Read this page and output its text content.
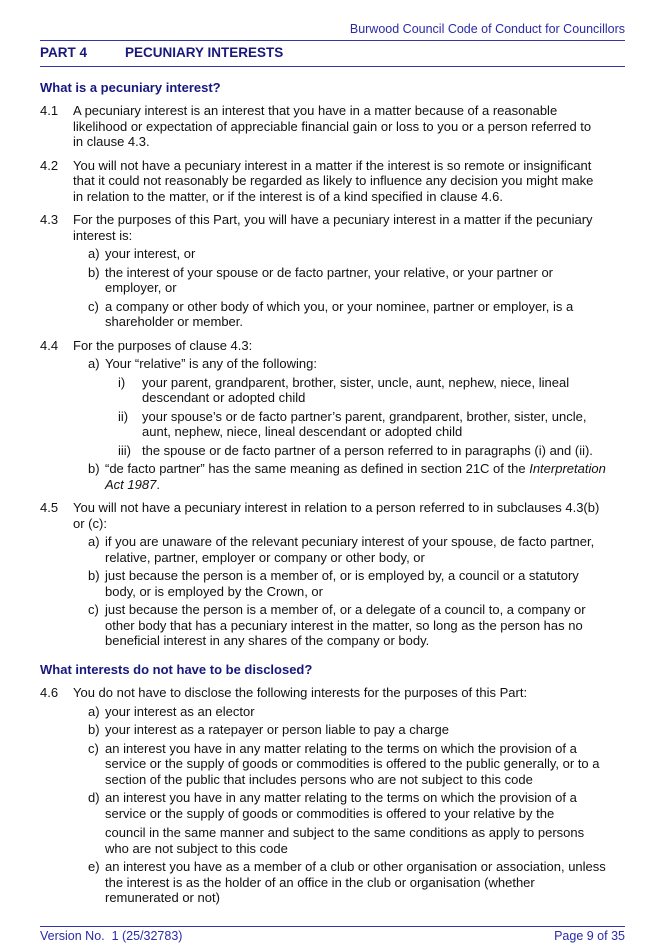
Burwood Council Code of Conduct for Councillors
PART 4	PECUNIARY INTERESTS
What is a pecuniary interest?
4.1	A pecuniary interest is an interest that you have in a matter because of a reasonable likelihood or expectation of appreciable financial gain or loss to you or a person referred to in clause 4.3.

4.2	You will not have a pecuniary interest in a matter if the interest is so remote or insignificant that it could not reasonably be regarded as likely to influence any decision you might make in relation to the matter, or if the interest is of a kind specified in clause 4.6.

4.3	For the purposes of this Part, you will have a pecuniary interest in a matter if the pecuniary interest is:

a) your interest, or

b) the interest of your spouse or de facto partner, your relative, or your partner or employer, or

c) a company or other body of which you, or your nominee, partner or employer, is a shareholder or member.

4.4	For the purposes of clause 4.3:

a) Your “relative” is any of the following:

i)	your parent, grandparent, brother, sister, uncle, aunt, nephew, niece, lineal descendant or adopted child

ii)	your spouse’s or de facto partner’s parent, grandparent, brother, sister, uncle, aunt, nephew, niece, lineal descendant or adopted child

iii) the spouse or de facto partner of a person referred to in paragraphs (i) and (ii).

b) “de facto partner” has the same meaning as defined in section 21C of the Interpretation Act 1987.

4.5	You will not have a pecuniary interest in relation to a person referred to in subclauses 4.3(b) or (c):

a) if you are unaware of the relevant pecuniary interest of your spouse, de facto partner, relative, partner, employer or company or other body, or

b) just because the person is a member of, or is employed by, a council or a statutory body, or is employed by the Crown, or

c) just because the person is a member of, or a delegate of a council to, a company or other body that has a pecuniary interest in the matter, so long as the person has no beneficial interest in any shares of the company or body.

What interests do not have to be disclosed?
4.6	You do not have to disclose the following interests for the purposes of this Part:

a) your interest as an elector

b) your interest as a ratepayer or person liable to pay a charge

c) an interest you have in any matter relating to the terms on which the provision of a service or the supply of goods or commodities is offered to the public generally, or to a section of the public that includes persons who are not subject to this code

d) an interest you have in any matter relating to the terms on which the provision of a service or the supply of goods or commodities is offered to your relative by the

council in the same manner and subject to the same conditions as apply to persons who are not subject to this code

e) an interest you have as a member of a club or other organisation or association, unless the interest is as the holder of an office in the club or organisation (whether remunerated or not)

Version No.  1 (25/32783)	Page 9 of 35
